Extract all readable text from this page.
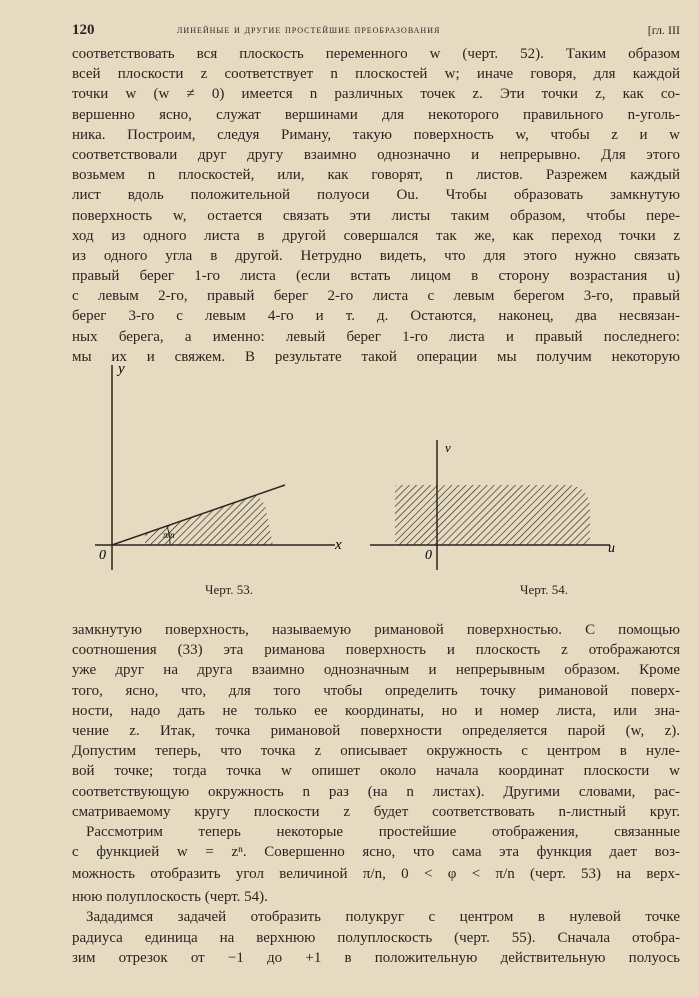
120	линейные и другие простейшие преобразования	[гл. III
соответствовать вся плоскость переменного w (черт. 52). Таким образом
всей плоскости z соответствует n плоскостей w; иначе говоря, для каждой
точки w (w ≠ 0) имеется n различных точек z. Эти точки z, как со-
вершенно ясно, служат вершинами для некоторого правильного n-уголь-
ника. Построим, следуя Риману, такую поверхность w, чтобы z и w
соответствовали друг другу взаимно однозначно и непрерывно. Для этого
возьмем n плоскостей, или, как говорят, n листов. Разрежем каждый
лист вдоль положительной полуоси Ou. Чтобы образовать замкнутую
поверхность w, остается связать эти листы таким образом, чтобы пере-
ход из одного листа в другой совершался так же, как переход точки z
из одного угла в другой. Нетрудно видеть, что для этого нужно связать
правый берег 1-го листа (если встать лицом в сторону возрастания u)
с левым 2-го, правый берег 2-го листа с левым берегом 3-го, правый
берег 3-го с левым 4-го и т. д. Остаются, наконец, два несвязан-
ных берега, а именно: левый берег 1-го листа и правый последнего:
мы их и свяжем. В результате такой операции мы получим некоторую
y
x
0
π/n
Черт. 53.
v
u
0
Черт. 54.
замкнутую поверхность, называемую римановой поверхностью. С помощью
соотношения (33) эта риманова поверхность и плоскость z отображаются
уже друг на друга взаимно однозначным и непрерывным образом. Кроме
того, ясно, что, для того чтобы определить точку римановой поверх-
ности, надо дать не только ее координаты, но и номер листа, или зна-
чение z. Итак, точка римановой поверхности определяется парой (w, z).
Допустим теперь, что точка z описывает окружность с центром в нуле-
вой точке; тогда точка w опишет около начала координат плоскости w
соответствующую окружность n раз (на n листах). Другими словами, рас-
сматриваемому кругу плоскости z будет соответствовать n-листный круг.
Рассмотрим теперь некоторые простейшие отображения, связанные
с функцией w = zⁿ. Совершенно ясно, что сама эта функция дает воз-
можность отобразить угол величиной π/n, 0 < φ < π/n (черт. 53) на верх-
нюю полуплоскость (черт. 54).
Зададимся задачей отобразить полукруг с центром в нулевой точке
радиуса единица на верхнюю полуплоскость (черт. 55). Сначала отобра-
зим отрезок от −1 до +1 в положительную действительную полуось
